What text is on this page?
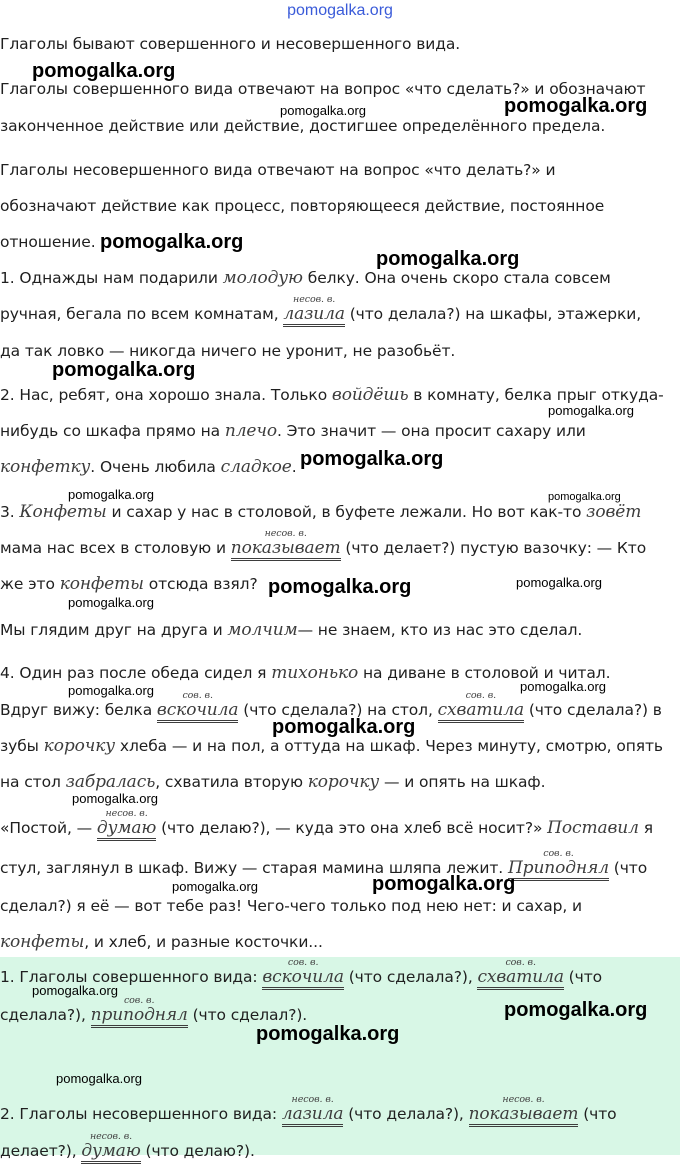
pomogalka.org
Глаголы бывают совершенного и несовершенного вида.
Глаголы совершенного вида отвечают на вопрос «что сделать?» и обозначают
законченное действие или действие, достигшее определённого предела.
Глаголы несовершенного вида отвечают на вопрос «что делать?» и
обозначают действие как процесс, повторяющееся действие, постоянное
отношение.
1. Однажды нам подарили молодую белку. Она очень скоро стала совсем
ручная, бегала по всем комнатам,
несов. в.
лазила (что делала?) на шкафы, этажерки,
да так ловко — никогда ничего не уронит, не разобьёт.
2. Нас, ребят, она хорошо знала. Только войдёшь в комнату, белка прыг откуда-
нибудь со шкафа прямо на плечо. Это значит — она просит сахару или
конфетку. Очень любила сладкое.
3. Конфеты и сахар у нас в столовой, в буфете лежали. Но вот как-то зовёт
мама нас всех в столовую и
несов. в.
показывает (что делает?) пустую вазочку: — Кто
же это конфеты отсюда взял?
Мы глядим друг на друга и молчим— не знаем, кто из нас это сделал.
4. Один раз после обеда сидел я тихонько на диване в столовой и читал.
Вдруг вижу: белка
сов. в.
вскочила (что сделала?) на стол,
сов. в.
схватила (что сделала?) в
зубы корочку хлеба — и на пол, а оттуда на шкаф. Через минуту, смотрю, опять
на стол забралась, схватила вторую корочку — и опять на шкаф.
«Постой, —
несов. в.
думаю (что делаю?), — куда это она хлеб всё носит?» Поставил я
стул, заглянул в шкаф. Вижу — старая мамина шляпа лежит.
сов. в.
Приподнял (что
сделал?) я её — вот тебе раз! Чего-чего только под нею нет: и сахар, и
конфеты, и хлеб, и разные косточки...
1. Глаголы совершенного вида:
сов. в.
вскочила (что сделала?),
сов. в.
схватила (что
сделала?),
сов. в.
приподнял (что сделал?).
2. Глаголы несовершенного вида:
несов. в.
лазила (что делала?),
несов. в.
показывает (что
делает?),
несов. в.
думаю (что делаю?).
pomogalka.org
pomogalka.org	pomogalka.org
pomogalka.org
pomogalka.org
pomogalka.org
pomogalka.org
pomogalka.org
pomogalka.org	pomogalka.org
pomogalka.org	pomogalka.org
pomogalka.org
pomogalka.org	pomogalka.org
pomogalka.org
pomogalka.org
pomogalka.org	pomogalka.org
pomogalka.org
pomogalka.org
pomogalka.org
pomogalka.org
